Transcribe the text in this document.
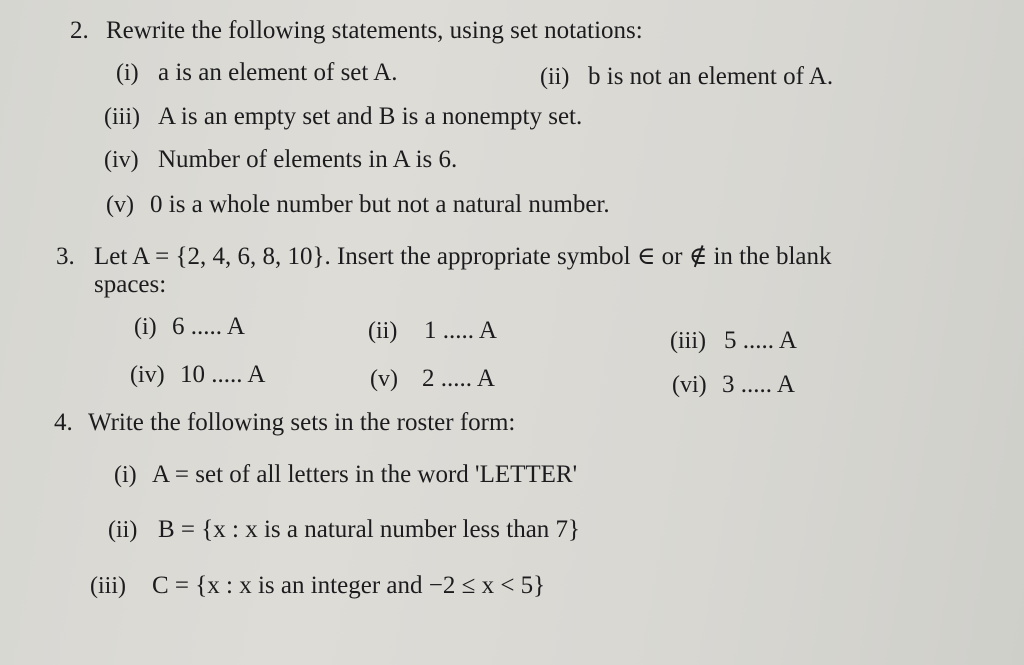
2. Rewrite the following statements, using set notations:
(i) a is an element of set A.	(ii) b is not an element of A.
(iii) A is an empty set and B is a nonempty set.
(iv) Number of elements in A is 6.
(v) 0 is a whole number but not a natural number.
3. Let A = {2, 4, 6, 8, 10}. Insert the appropriate symbol ∈ or ∉ in the blank
spaces:
(i) 6 ..... A	(ii) 1 ..... A	(iii) 5 ..... A
(iv) 10 ..... A	(v) 2 ..... A	(vi) 3 ..... A
4. Write the following sets in the roster form:
(i) A = set of all letters in the word 'LETTER'
(ii) B = {x : x is a natural number less than 7}
(iii) C = {x : x is an integer and −2 ≤ x < 5}
